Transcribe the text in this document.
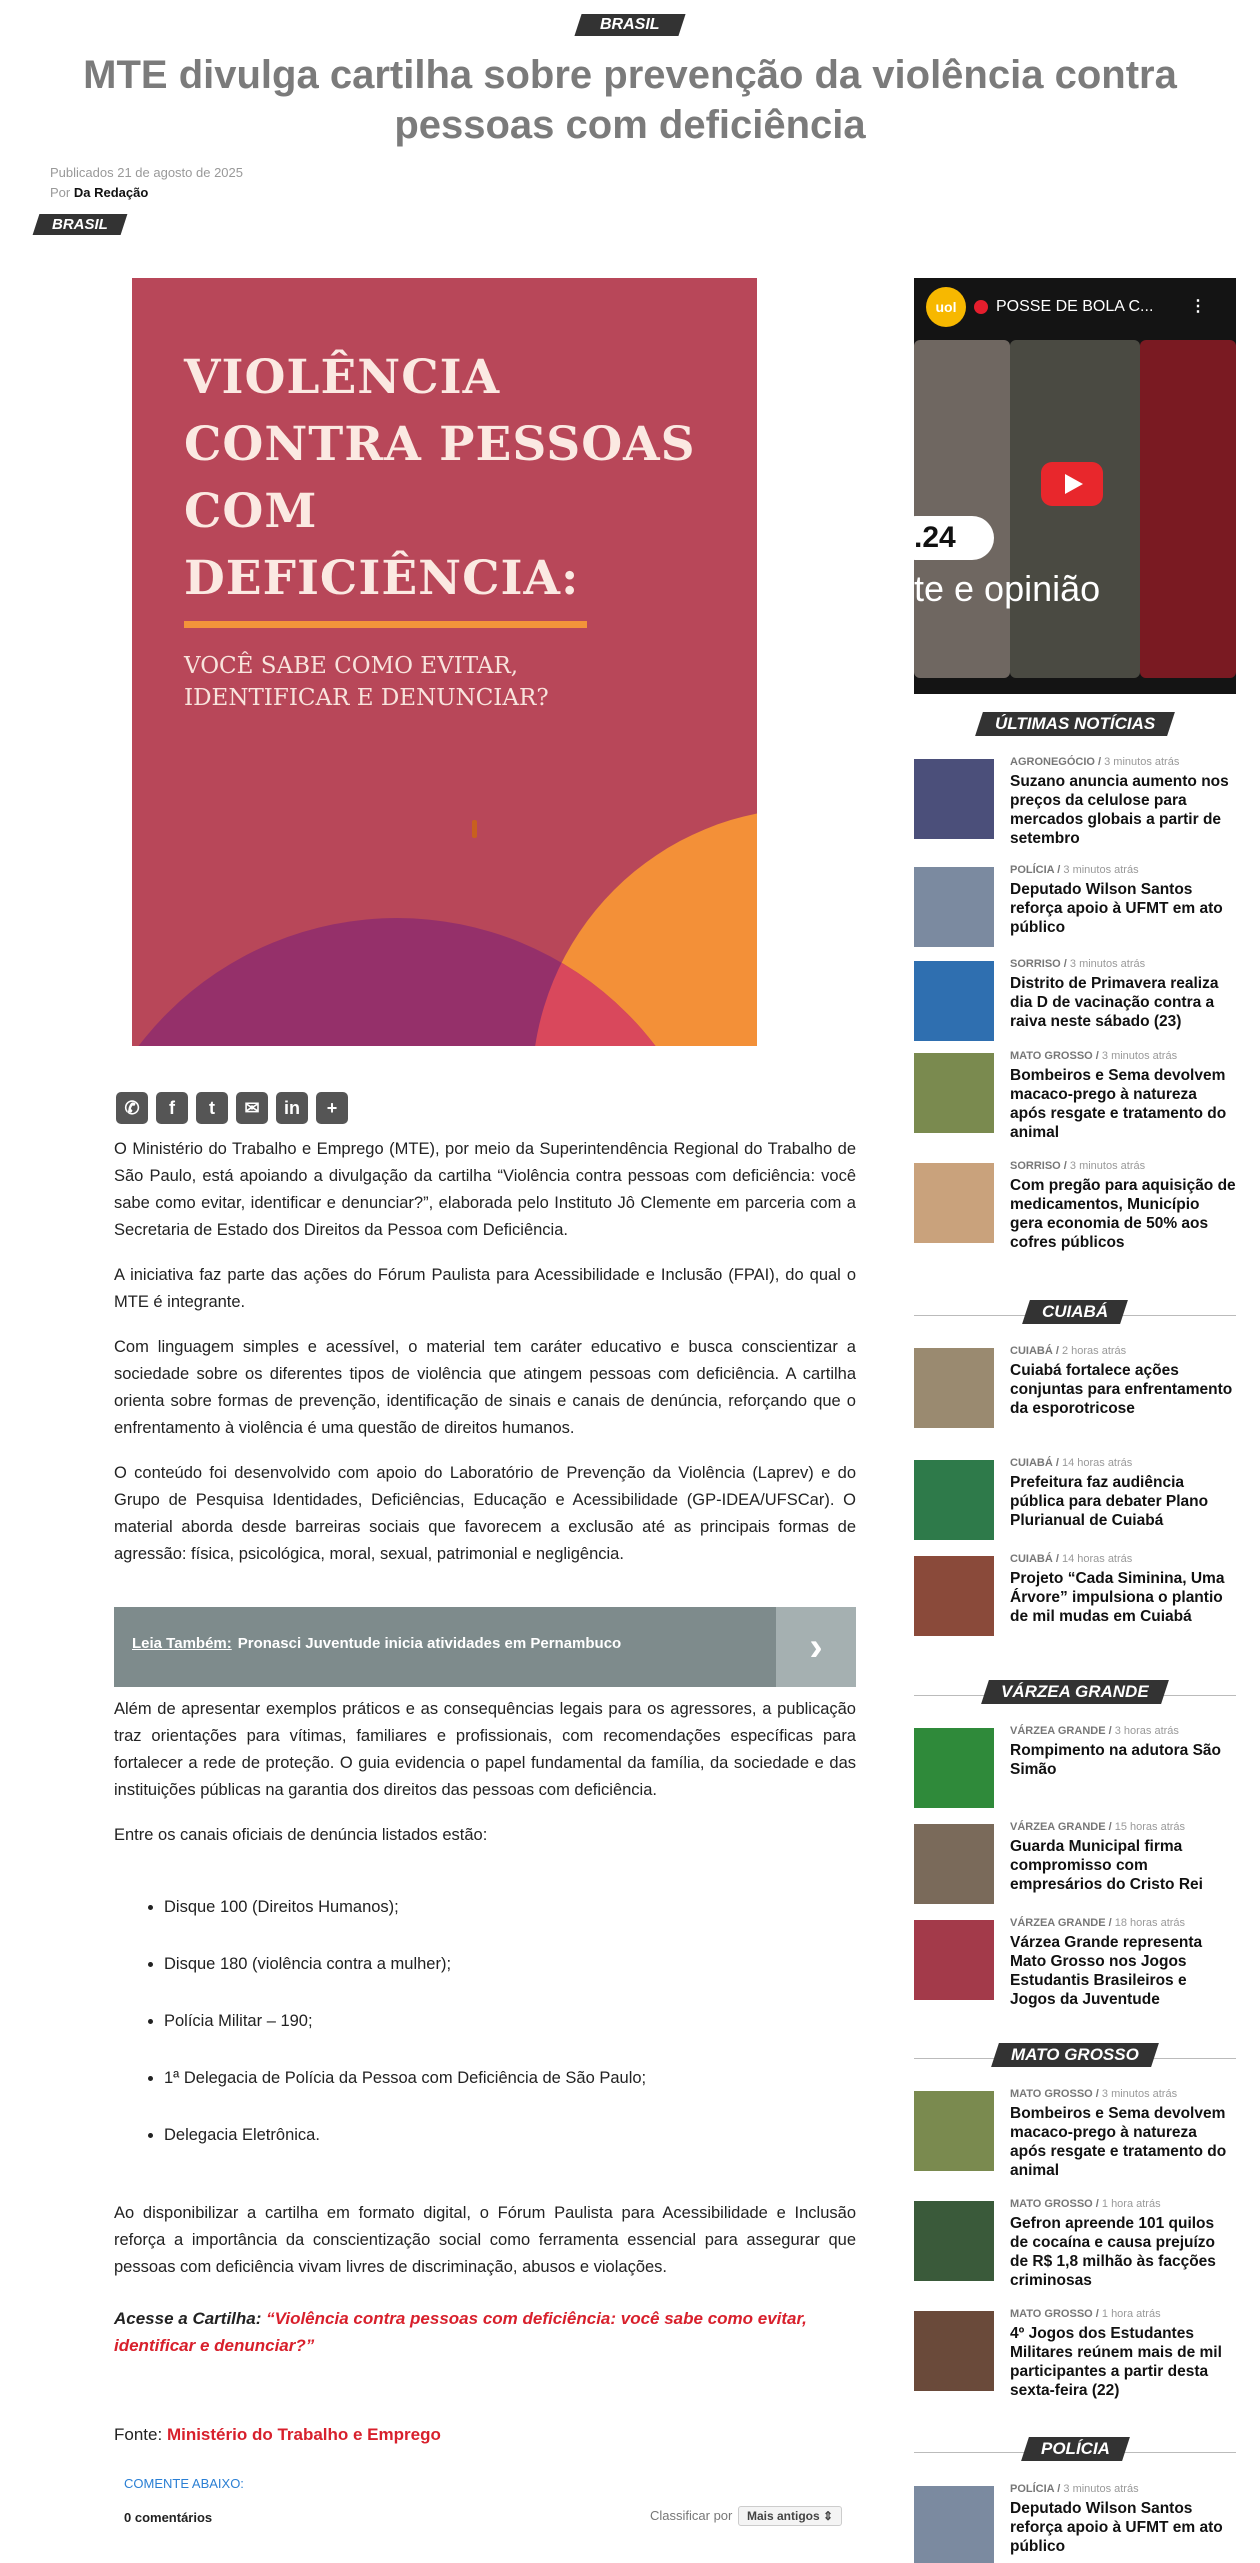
BRASIL
MTE divulga cartilha sobre prevenção da violência contra pessoas com deficiência
Publicados 21 de agosto de 2025
Por Da Redação
BRASIL
VIOLÊNCIA CONTRA PESSOAS COM DEFICIÊNCIA:
VOCÊ SABE COMO EVITAR, IDENTIFICAR E DENUNCIAR?
✆	f	t	✉	in	+

O Ministério do Trabalho e Emprego (MTE), por meio da Superintendência Regional do Trabalho de São Paulo, está apoiando a divulgação da cartilha “Violência contra pessoas com deficiência: você sabe como evitar, identificar e denunciar?”, elaborada pelo Instituto Jô Clemente em parceria com a Secretaria de Estado dos Direitos da Pessoa com Deficiência.

A iniciativa faz parte das ações do Fórum Paulista para Acessibilidade e Inclusão (FPAI), do qual o MTE é integrante.

Com linguagem simples e acessível, o material tem caráter educativo e busca conscientizar a sociedade sobre os diferentes tipos de violência que atingem pessoas com deficiência. A cartilha orienta sobre formas de prevenção, identificação de sinais e canais de denúncia, reforçando que o enfrentamento à violência é uma questão de direitos humanos.

O conteúdo foi desenvolvido com apoio do Laboratório de Prevenção da Violência (Laprev) e do Grupo de Pesquisa Identidades, Deficiências, Educação e Acessibilidade (GP-IDEA/UFSCar). O material aborda desde barreiras sociais que favorecem a exclusão até as principais formas de agressão: física, psicológica, moral, sexual, patrimonial e negligência.

Leia Também: Pronasci Juventude inicia atividades em Pernambuco	›

Além de apresentar exemplos práticos e as consequências legais para os agressores, a publicação traz orientações para vítimas, familiares e profissionais, com recomendações específicas para fortalecer a rede de proteção. O guia evidencia o papel fundamental da família, da sociedade e das instituições públicas na garantia dos direitos das pessoas com deficiência.

Entre os canais oficiais de denúncia listados estão:

• Disque 100 (Direitos Humanos);
• Disque 180 (violência contra a mulher);
• Polícia Militar – 190;
• 1ª Delegacia de Polícia da Pessoa com Deficiência de São Paulo;
• Delegacia Eletrônica.

Ao disponibilizar a cartilha em formato digital, o Fórum Paulista para Acessibilidade e Inclusão reforça a importância da conscientização social como ferramenta essencial para assegurar que pessoas com deficiência vivam livres de discriminação, abusos e violações.

Acesse a Cartilha: “Violência contra pessoas com deficiência: você sabe como evitar, identificar e denunciar?”
Fonte: Ministério do Trabalho e Emprego
COMENTE ABAIXO:
0 comentários	Classificar por Mais antigos ⇕
uol	POSSE DE BOLA C... ⋮
.24
te e opinião
ÚLTIMAS NOTÍCIAS
AGRONEGÓCIO / 3 minutos atrás
Suzano anuncia aumento nos preços da celulose para mercados globais a partir de setembro
POLÍCIA / 3 minutos atrás
Deputado Wilson Santos reforça apoio à UFMT em ato público
SORRISO / 3 minutos atrás
Distrito de Primavera realiza dia D de vacinação contra a raiva neste sábado (23)
MATO GROSSO / 3 minutos atrás
Bombeiros e Sema devolvem macaco-prego à natureza após resgate e tratamento do animal
SORRISO / 3 minutos atrás
Com pregão para aquisição de medicamentos, Município gera economia de 50% aos cofres públicos
CUIABÁ
CUIABÁ / 2 horas atrás
Cuiabá fortalece ações conjuntas para enfrentamento da esporotricose
CUIABÁ / 14 horas atrás
Prefeitura faz audiência pública para debater Plano Plurianual de Cuiabá
CUIABÁ / 14 horas atrás
Projeto “Cada Siminina, Uma Árvore” impulsiona o plantio de mil mudas em Cuiabá
VÁRZEA GRANDE
VÁRZEA GRANDE / 3 horas atrás
Rompimento na adutora São Simão
VÁRZEA GRANDE / 15 horas atrás
Guarda Municipal firma compromisso com empresários do Cristo Rei
VÁRZEA GRANDE / 18 horas atrás
Várzea Grande representa Mato Grosso nos Jogos Estudantis Brasileiros e Jogos da Juventude
MATO GROSSO
MATO GROSSO / 3 minutos atrás
Bombeiros e Sema devolvem macaco-prego à natureza após resgate e tratamento do animal
MATO GROSSO / 1 hora atrás
Gefron apreende 101 quilos de cocaína e causa prejuízo de R$ 1,8 milhão às facções criminosas
MATO GROSSO / 1 hora atrás
4º Jogos dos Estudantes Militares reúnem mais de mil participantes a partir desta sexta-feira (22)
POLÍCIA
POLÍCIA / 3 minutos atrás
Deputado Wilson Santos reforça apoio à UFMT em ato público
